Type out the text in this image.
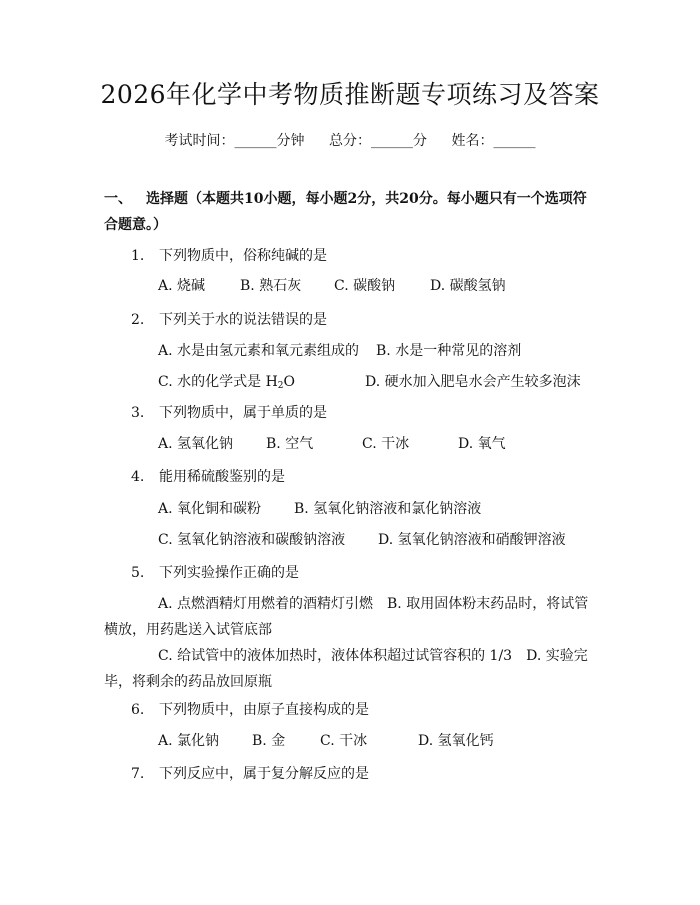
2026年化学中考物质推断题专项练习及答案
考试时间：______分钟 总分：______分 姓名：______
一、 选择题（本题共10小题，每小题2分，共20分。每小题只有一个选项符合题意。）
1. 下列物质中，俗称纯碱的是
A. 烧碱 B. 熟石灰 C. 碳酸钠 D. 碳酸氢钠
2. 下列关于水的说法错误的是
A. 水是由氢元素和氧元素组成的 B. 水是一种常见的溶剂
C. 水的化学式是 $H_2O$	D. 硬水加入肥皂水会产生较多泡沫
3. 下列物质中，属于单质的是
A. 氢氧化钠 B. 空气	C. 干冰	D. 氧气
4. 能用稀硫酸鉴别的是
A. 氧化铜和碳粉 B. 氢氧化钠溶液和氯化钠溶液
C. 氢氧化钠溶液和碳酸钠溶液 D. 氢氧化钠溶液和硝酸钾溶液
5. 下列实验操作正确的是
A. 点燃酒精灯用燃着的酒精灯引燃　B. 取用固体粉末药品时，将试管横放，用药匙送入试管底部
C. 给试管中的液体加热时，液体体积超过试管容积的 1/3　D. 实验完毕，将剩余的药品放回原瓶
6. 下列物质中，由原子直接构成的是
A. 氯化钠 B. 金 C. 干冰	D. 氢氧化钙
7. 下列反应中，属于复分解反应的是
